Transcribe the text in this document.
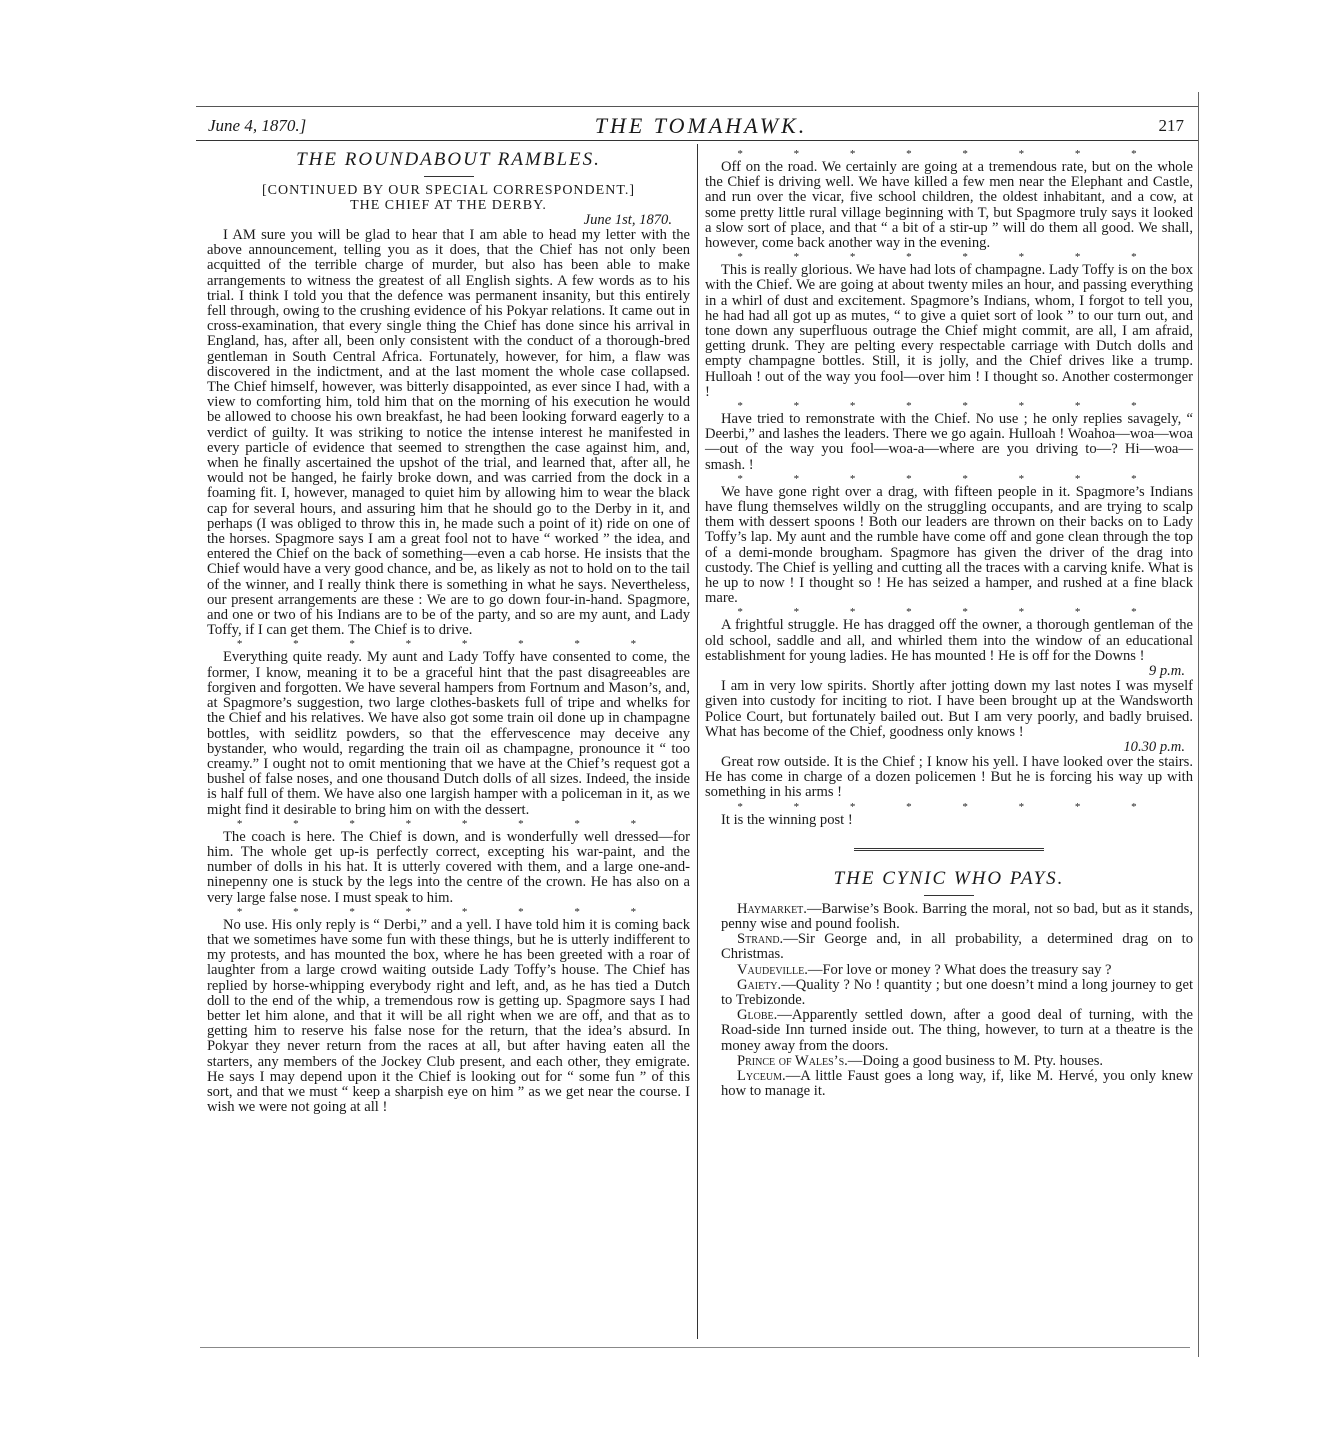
June 4, 1870.]	THE TOMAHAWK.	217

THE ROUNDABOUT RAMBLES.

[CONTINUED BY OUR SPECIAL CORRESPONDENT.]

THE CHIEF AT THE DERBY.

June 1st, 1870.

I AM sure you will be glad to hear that I am able to head my letter with the above announcement, telling you as it does, that the Chief has not only been acquitted of the terrible charge of murder, but also has been able to make arrangements to witness the greatest of all English sights. A few words as to his trial. I think I told you that the defence was permanent insanity, but this entirely fell through, owing to the crushing evidence of his Pokyar relations. It came out in cross-examination, that every single thing the Chief has done since his arrival in England, has, after all, been only consistent with the conduct of a thorough-bred gentleman in South Central Africa. Fortunately, however, for him, a flaw was discovered in the indictment, and at the last moment the whole case collapsed. The Chief himself, however, was bitterly disappointed, as ever since I had, with a view to comforting him, told him that on the morning of his execution he would be allowed to choose his own breakfast, he had been looking forward eagerly to a verdict of guilty. It was striking to notice the intense interest he manifested in every particle of evidence that seemed to strengthen the case against him, and, when he finally ascertained the upshot of the trial, and learned that, after all, he would not be hanged, he fairly broke down, and was carried from the dock in a foaming fit. I, however, managed to quiet him by allowing him to wear the black cap for several hours, and assuring him that he should go to the Derby in it, and perhaps (I was obliged to throw this in, he made such a point of it) ride on one of the horses. Spagmore says I am a great fool not to have “ worked ” the idea, and entered the Chief on the back of something—even a cab horse. He insists that the Chief would have a very good chance, and be, as likely as not to hold on to the tail of the winner, and I really think there is something in what he says. Nevertheless, our present arrangements are these : We are to go down four-in-hand. Spagmore, and one or two of his Indians are to be of the party, and so are my aunt, and Lady Toffy, if I can get them. The Chief is to drive.

* * * * * * * *

Everything quite ready. My aunt and Lady Toffy have consented to come, the former, I know, meaning it to be a graceful hint that the past disagreeables are forgiven and forgotten. We have several hampers from Fortnum and Mason’s, and, at Spagmore’s suggestion, two large clothes-baskets full of tripe and whelks for the Chief and his relatives. We have also got some train oil done up in champagne bottles, with seidlitz powders, so that the effervescence may deceive any bystander, who would, regarding the train oil as champagne, pronounce it “ too creamy.” I ought not to omit mentioning that we have at the Chief’s request got a bushel of false noses, and one thousand Dutch dolls of all sizes. Indeed, the inside is half full of them. We have also one largish hamper with a policeman in it, as we might find it desirable to bring him on with the dessert.

* * * * * * * *

The coach is here. The Chief is down, and is wonderfully well dressed—for him. The whole get up-is perfectly correct, excepting his war-paint, and the number of dolls in his hat. It is utterly covered with them, and a large one-and-ninepenny one is stuck by the legs into the centre of the crown. He has also on a very large false nose. I must speak to him.

* * * * * * * *

No use. His only reply is “ Derbi,” and a yell. I have told him it is coming back that we sometimes have some fun with these things, but he is utterly indifferent to my protests, and has mounted the box, where he has been greeted with a roar of laughter from a large crowd waiting outside Lady Toffy’s house. The Chief has replied by horse-whipping everybody right and left, and, as he has tied a Dutch doll to the end of the whip, a tremendous row is getting up. Spagmore says I had better let him alone, and that it will be all right when we are off, and that as to getting him to reserve his false nose for the return, that the idea’s absurd. In Pokyar they never return from the races at all, but after having eaten all the starters, any members of the Jockey Club present, and each other, they emigrate. He says I may depend upon it the Chief is looking out for “ some fun ” of this sort, and that we must “ keep a sharpish eye on him ” as we get near the course. I wish we were not going at all !

* * * * * * * *

Off on the road. We certainly are going at a tremendous rate, but on the whole the Chief is driving well. We have killed a few men near the Elephant and Castle, and run over the vicar, five school children, the oldest inhabitant, and a cow, at some pretty little rural village beginning with T, but Spagmore truly says it looked a slow sort of place, and that “ a bit of a stir-up ” will do them all good. We shall, however, come back another way in the evening.

* * * * * * * *

This is really glorious. We have had lots of champagne. Lady Toffy is on the box with the Chief. We are going at about twenty miles an hour, and passing everything in a whirl of dust and excitement. Spagmore’s Indians, whom, I forgot to tell you, he had had all got up as mutes, “ to give a quiet sort of look ” to our turn out, and tone down any superfluous outrage the Chief might commit, are all, I am afraid, getting drunk. They are pelting every respectable carriage with Dutch dolls and empty champagne bottles. Still, it is jolly, and the Chief drives like a trump. Hulloah ! out of the way you fool—over him ! I thought so. Another costermonger !

* * * * * * * *

Have tried to remonstrate with the Chief. No use ; he only replies savagely, “ Deerbi,” and lashes the leaders. There we go again. Hulloah ! Woahoa—woa—woa—out of the way you fool—woa-a—where are you driving to—? Hi—woa—smash. !

* * * * * * * *

We have gone right over a drag, with fifteen people in it. Spagmore’s Indians have flung themselves wildly on the struggling occupants, and are trying to scalp them with dessert spoons ! Both our leaders are thrown on their backs on to Lady Toffy’s lap. My aunt and the rumble have come off and gone clean through the top of a demi-monde brougham. Spagmore has given the driver of the drag into custody. The Chief is yelling and cutting all the traces with a carving knife. What is he up to now ! I thought so ! He has seized a hamper, and rushed at a fine black mare.

* * * * * * * *

A frightful struggle. He has dragged off the owner, a thorough gentleman of the old school, saddle and all, and whirled them into the window of an educational establishment for young ladies. He has mounted ! He is off for the Downs !

9 p.m.

I am in very low spirits. Shortly after jotting down my last notes I was myself given into custody for inciting to riot. I have been brought up at the Wandsworth Police Court, but fortunately bailed out. But I am very poorly, and badly bruised. What has become of the Chief, goodness only knows !

10.30 p.m.

Great row outside. It is the Chief ; I know his yell. I have looked over the stairs. He has come in charge of a dozen policemen ! But he is forcing his way up with something in his arms !

* * * * * * * *

It is the winning post !

THE CYNIC WHO PAYS.

Haymarket.—Barwise’s Book. Barring the moral, not so bad, but as it stands, penny wise and pound foolish.

Strand.—Sir George and, in all probability, a determined drag on to Christmas.

Vaudeville.—For love or money ? What does the treasury say ?

Gaiety.—Quality ? No ! quantity ; but one doesn’t mind a long journey to get to Trebizonde.

Globe.—Apparently settled down, after a good deal of turning, with the Road-side Inn turned inside out. The thing, however, to turn at a theatre is the money away from the doors.

Prince of Wales’s.—Doing a good business to M. Pty. houses.

Lyceum.—A little Faust goes a long way, if, like M. Hervé, you only knew how to manage it.
